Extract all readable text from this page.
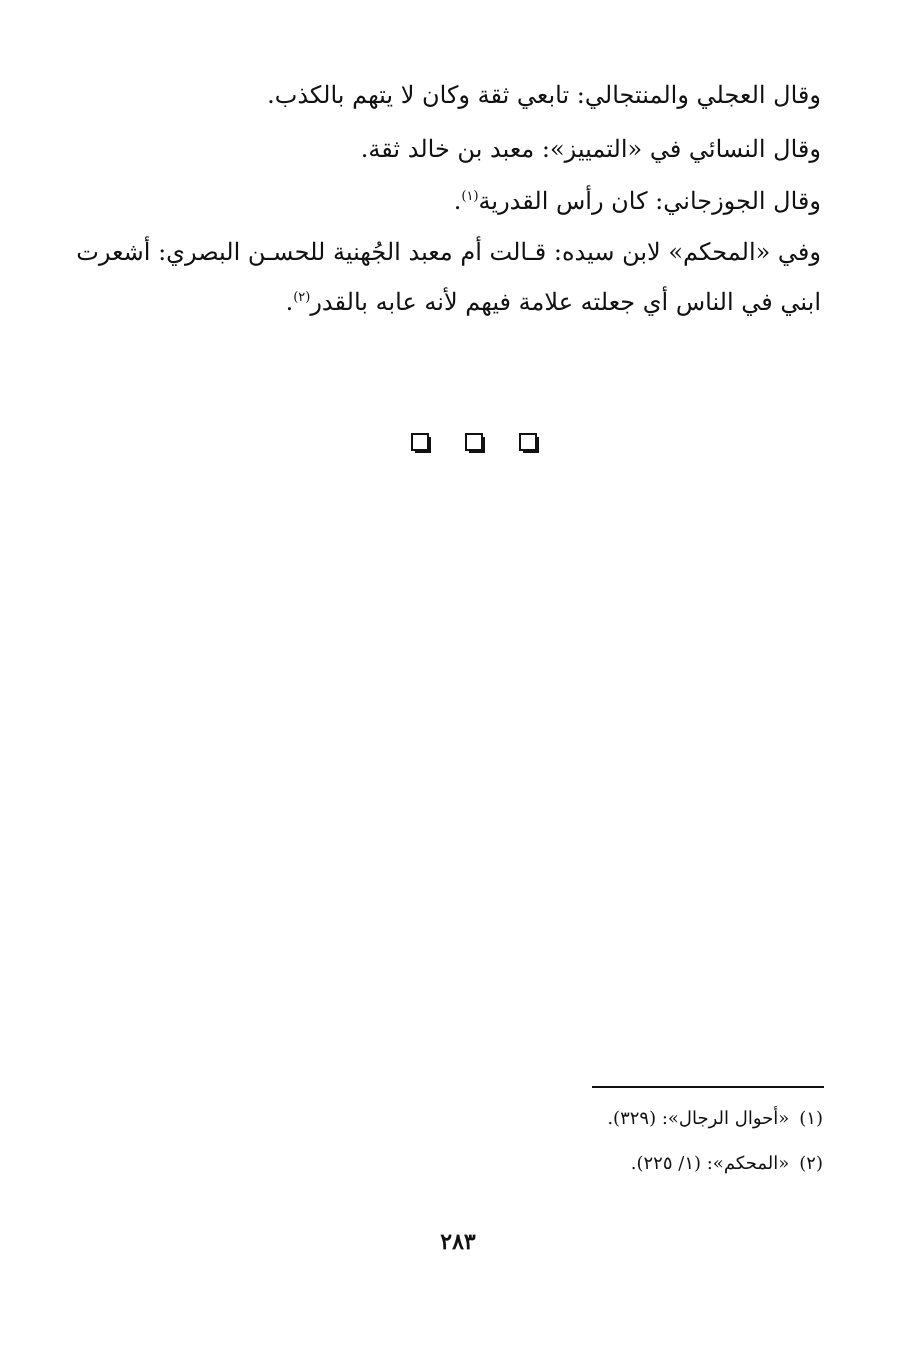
وقال العجلي والمنتجالي: تابعي ثقة وكان لا يتهم بالكذب.
وقال النسائي في «التمييز»: معبد بن خالد ثقة.
وقال الجوزجاني: كان رأس القدرية$^{(١)}$.
وفي «المحكم» لابن سيده: قـالت أم معبد الجُهنية للحسـن البصري: أشعرت
ابني في الناس أي جعلته علامة فيهم لأنه عابه بالقدر$^{(٢)}$.
(١)«أحوال الرجال»: (٣٢٩).
(٢)«المحكم»: (١/ ٢٢٥).
٢٨٣
